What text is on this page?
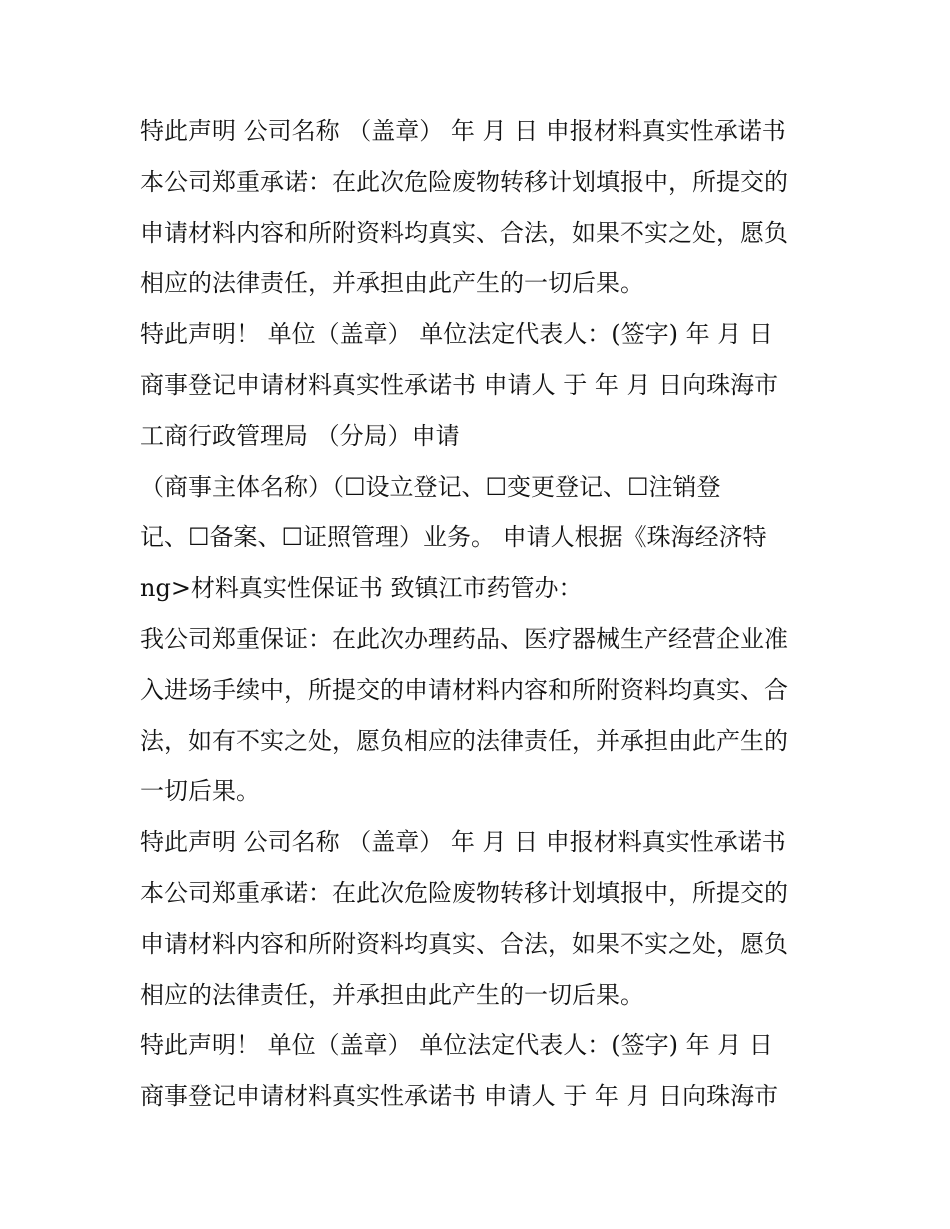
特此声明 公司名称 （盖章） 年 月 日 申报材料真实性承诺书
本公司郑重承诺：在此次危险废物转移计划填报中，所提交的
申请材料内容和所附资料均真实、合法，如果不实之处，愿负
相应的法律责任，并承担由此产生的一切后果。
特此声明！ 单位（盖章） 单位法定代表人：(签字) 年 月 日
商事登记申请材料真实性承诺书 申请人 于 年 月 日向珠海市
工商行政管理局 （分局）申请
（商事主体名称）（☐设立登记、☐变更登记、☐注销登
记、☐备案、☐证照管理）业务。 申请人根据《珠海经济特
ng>材料真实性保证书 致镇江市药管办：
我公司郑重保证：在此次办理药品、医疗器械生产经营企业准
入进场手续中，所提交的申请材料内容和所附资料均真实、合
法，如有不实之处，愿负相应的法律责任，并承担由此产生的
一切后果。
特此声明 公司名称 （盖章） 年 月 日 申报材料真实性承诺书
本公司郑重承诺：在此次危险废物转移计划填报中，所提交的
申请材料内容和所附资料均真实、合法，如果不实之处，愿负
相应的法律责任，并承担由此产生的一切后果。
特此声明！ 单位（盖章） 单位法定代表人：(签字) 年 月 日
商事登记申请材料真实性承诺书 申请人 于 年 月 日向珠海市
